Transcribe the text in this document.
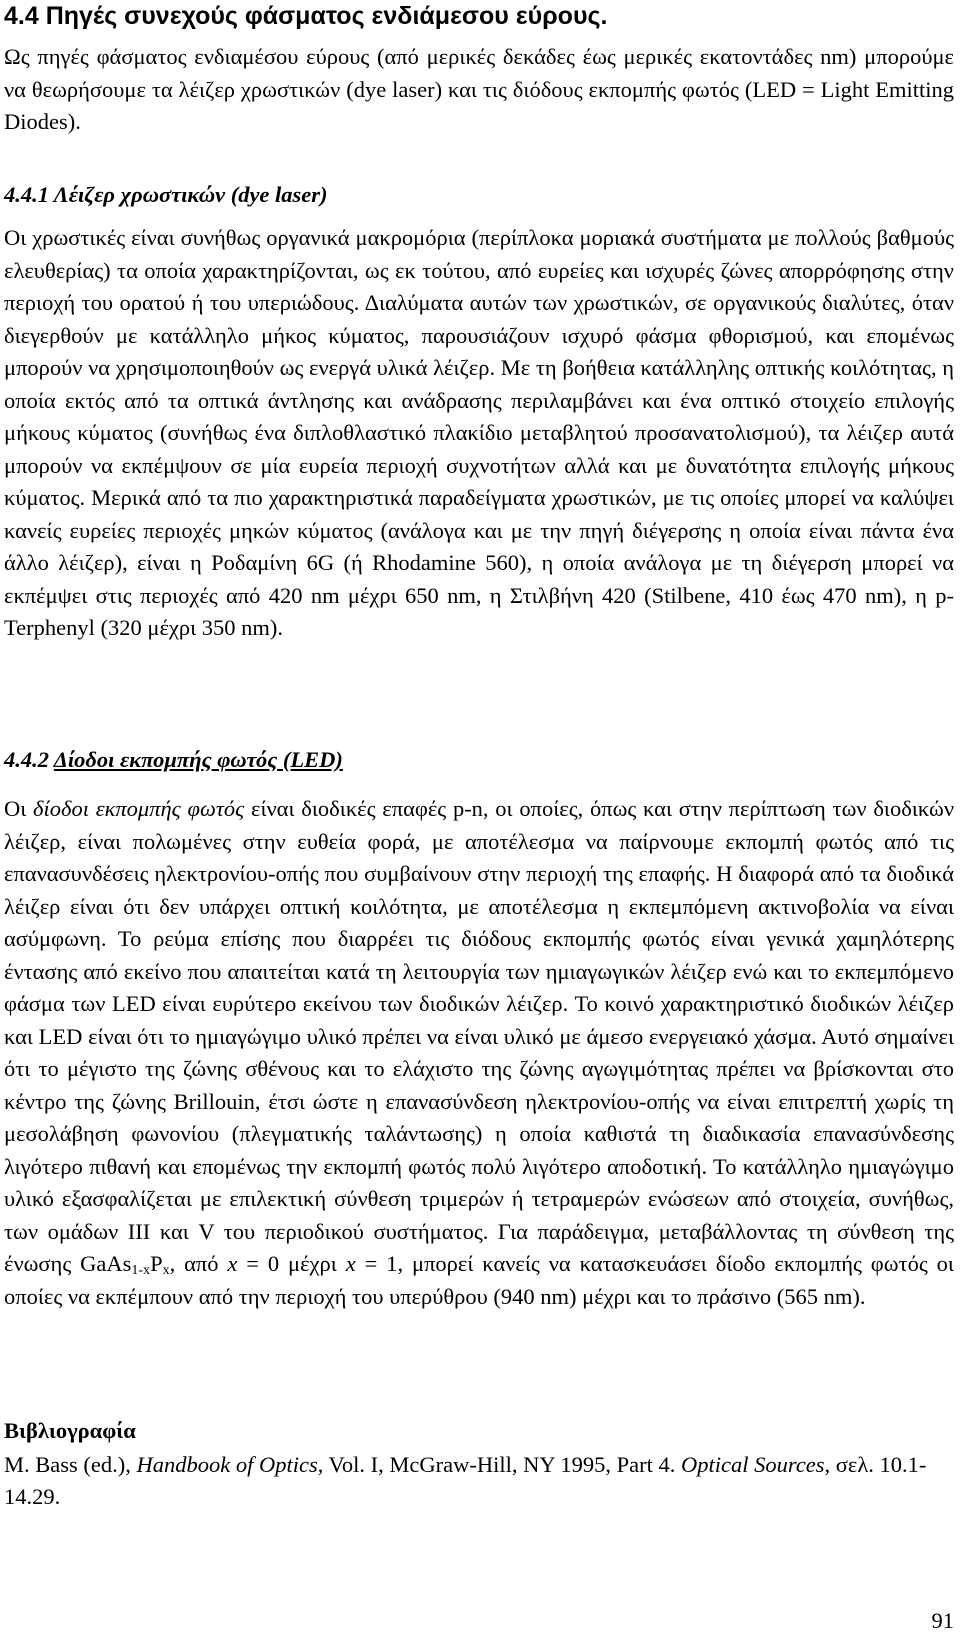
4.4 Πηγές συνεχούς φάσματος ενδιάμεσου εύρους.

Ως πηγές φάσματος ενδιαμέσου εύρους (από μερικές δεκάδες έως μερικές εκατοντάδες nm) μπορούμε να θεωρήσουμε τα λέιζερ χρωστικών (dye laser) και τις διόδους εκπομπής φωτός (LED = Light Emitting Diodes).

4.4.1 Λέιζερ χρωστικών (dye laser)

Οι χρωστικές είναι συνήθως οργανικά μακρομόρια (περίπλοκα μοριακά συστήματα με πολλούς βαθμούς ελευθερίας) τα οποία χαρακτηρίζονται, ως εκ τούτου, από ευρείες και ισχυρές ζώνες απορρόφησης στην περιοχή του ορατού ή του υπεριώδους. Διαλύματα αυτών των χρωστικών, σε οργανικούς διαλύτες, όταν διεγερθούν με κατάλληλο μήκος κύματος, παρουσιάζουν ισχυρό φάσμα φθορισμού, και επομένως μπορούν να χρησιμοποιηθούν ως ενεργά υλικά λέιζερ. Με τη βοήθεια κατάλληλης οπτικής κοιλότητας, η οποία εκτός από τα οπτικά άντλησης και ανάδρασης περιλαμβάνει και ένα οπτικό στοιχείο επιλογής μήκους κύματος (συνήθως ένα διπλοθλαστικό πλακίδιο μεταβλητού προσανατολισμού), τα λέιζερ αυτά μπορούν να εκπέμψουν σε μία ευρεία περιοχή συχνοτήτων αλλά και με δυνατότητα επιλογής μήκους κύματος. Μερικά από τα πιο χαρακτηριστικά παραδείγματα χρωστικών, με τις οποίες μπορεί να καλύψει κανείς ευρείες περιοχές μηκών κύματος (ανάλογα και με την πηγή διέγερσης η οποία είναι πάντα ένα άλλο λέιζερ), είναι η Ροδαμίνη 6G (ή Rhodamine 560), η οποία ανάλογα με τη διέγερση μπορεί να εκπέμψει στις περιοχές από 420 nm μέχρι 650 nm, η Στιλβήνη 420 (Stilbene, 410 έως 470 nm), η p-Terphenyl (320 μέχρι 350 nm).

4.4.2 Δίοδοι εκπομπής φωτός (LED)

Οι δίοδοι εκπομπής φωτός είναι διοδικές επαφές p-n, οι οποίες, όπως και στην περίπτωση των διοδικών λέιζερ, είναι πολωμένες στην ευθεία φορά, με αποτέλεσμα να παίρνουμε εκπομπή φωτός από τις επανασυνδέσεις ηλεκτρονίου-οπής που συμβαίνουν στην περιοχή της επαφής. Η διαφορά από τα διοδικά λέιζερ είναι ότι δεν υπάρχει οπτική κοιλότητα, με αποτέλεσμα η εκπεμπόμενη ακτινοβολία να είναι ασύμφωνη. Το ρεύμα επίσης που διαρρέει τις διόδους εκπομπής φωτός είναι γενικά χαμηλότερης έντασης από εκείνο που απαιτείται κατά τη λειτουργία των ημιαγωγικών λέιζερ ενώ και το εκπεμπόμενο φάσμα των LED είναι ευρύτερο εκείνου των διοδικών λέιζερ. Το κοινό χαρακτηριστικό διοδικών λέιζερ και LED είναι ότι το ημιαγώγιμο υλικό πρέπει να είναι υλικό με άμεσο ενεργειακό χάσμα. Αυτό σημαίνει ότι το μέγιστο της ζώνης σθένους και το ελάχιστο της ζώνης αγωγιμότητας πρέπει να βρίσκονται στο κέντρο της ζώνης Brillouin, έτσι ώστε η επανασύνδεση ηλεκτρονίου-οπής να είναι επιτρεπτή χωρίς τη μεσολάβηση φωνονίου (πλεγματικής ταλάντωσης) η οποία καθιστά τη διαδικασία επανασύνδεσης λιγότερο πιθανή και επομένως την εκπομπή φωτός πολύ λιγότερο αποδοτική. Το κατάλληλο ημιαγώγιμο υλικό εξασφαλίζεται με επιλεκτική σύνθεση τριμερών ή τετραμερών ενώσεων από στοιχεία, συνήθως, των ομάδων III και V του περιοδικού συστήματος. Για παράδειγμα, μεταβάλλοντας τη σύνθεση της ένωσης $GaAs_{1-x}P_x$, από x = 0 μέχρι x = 1, μπορεί κανείς να κατασκευάσει δίοδο εκπομπής φωτός οι οποίες να εκπέμπουν από την περιοχή του υπερύθρου (940 nm) μέχρι και το πράσινο (565 nm).

Βιβλιογραφία

M. Bass (ed.), Handbook of Optics, Vol. I, McGraw-Hill, NY 1995, Part 4. Optical Sources, σελ. 10.1-14.29.

91
